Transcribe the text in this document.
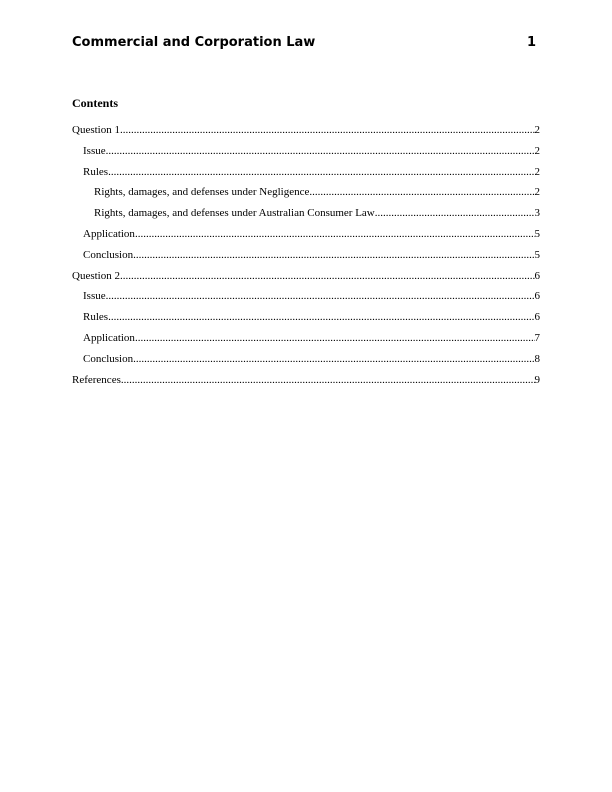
Commercial and Corporation Law	1
Contents
Question 1 .....	2
Issue .....	2
Rules .....	2
Rights, damages, and defenses under Negligence .....	2
Rights, damages, and defenses under Australian Consumer Law .....	3
Application .....	5
Conclusion .....	5
Question 2 .....	6
Issue .....	6
Rules .....	6
Application .....	7
Conclusion .....	8
References .....	9
